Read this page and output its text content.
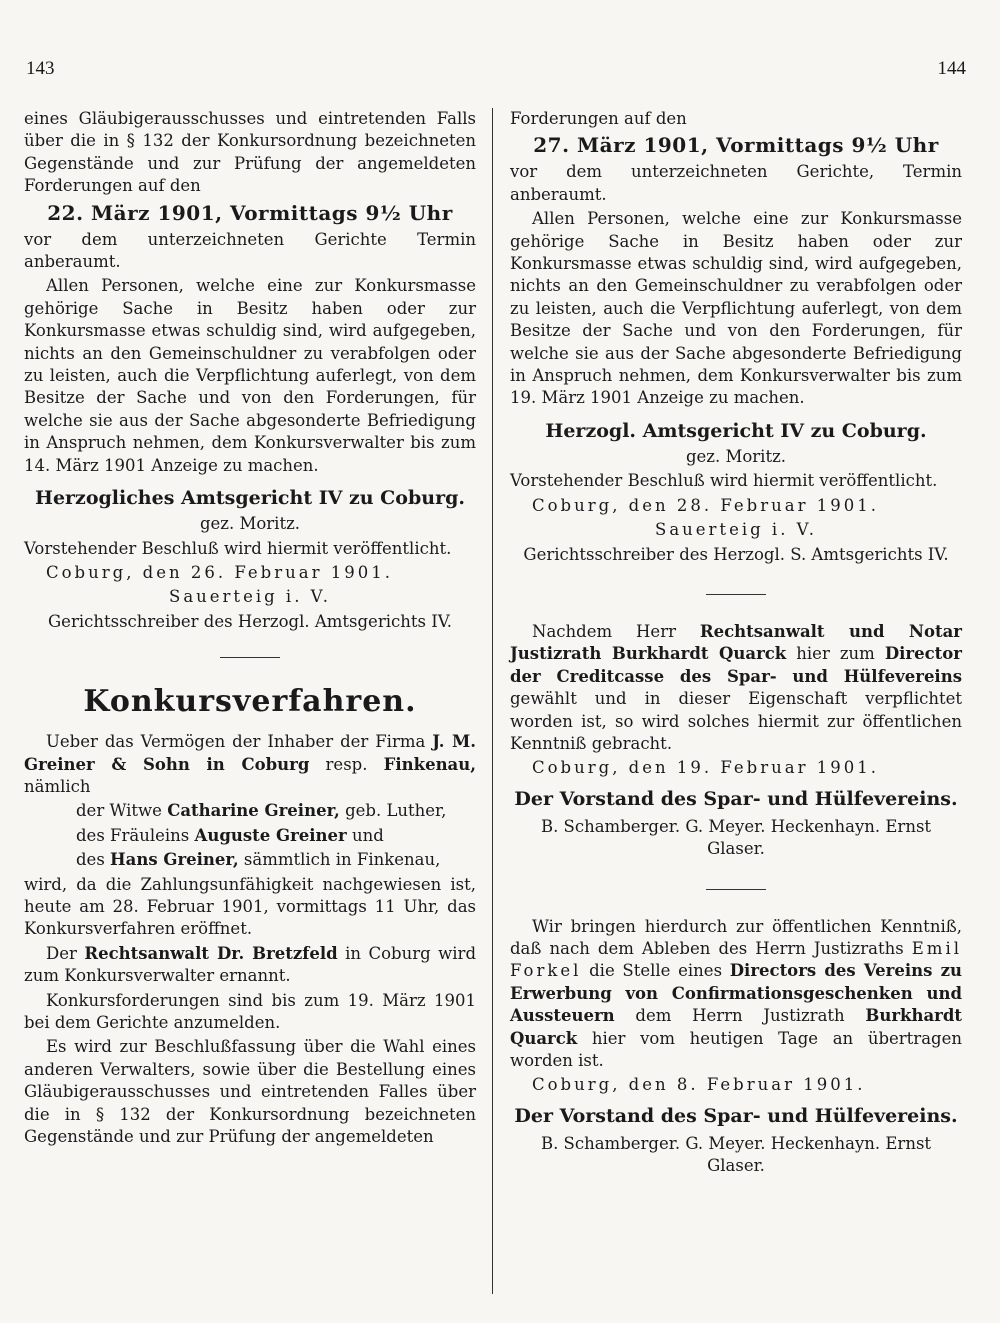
143	144

eines Gläubigerausschusses und eintretenden Falls über die in § 132 der Konkursordnung bezeichneten Gegenstände und zur Prüfung der angemeldeten Forderungen auf den

22. März 1901, Vormittags 9½ Uhr

vor dem unterzeichneten Gerichte Termin anberaumt.

Allen Personen, welche eine zur Konkursmasse gehörige Sache in Besitz haben oder zur Konkursmasse etwas schuldig sind, wird aufgegeben, nichts an den Gemeinschuldner zu verabfolgen oder zu leisten, auch die Verpflichtung auferlegt, von dem Besitze der Sache und von den Forderungen, für welche sie aus der Sache abgesonderte Befriedigung in Anspruch nehmen, dem Konkursverwalter bis zum 14. März 1901 Anzeige zu machen.

Herzogliches Amtsgericht IV zu Coburg.

gez. Moritz.

Vorstehender Beschluß wird hiermit veröffentlicht.

Coburg, den 26. Februar 1901.

Sauerteig i. V.

Gerichtsschreiber des Herzogl. Amtsgerichts IV.

Konkursverfahren.

Ueber das Vermögen der Inhaber der Firma J. M. Greiner & Sohn in Coburg resp. Finkenau, nämlich

der Witwe Catharine Greiner, geb. Luther,

des Fräuleins Auguste Greiner und

des Hans Greiner, sämmtlich in Finkenau,

wird, da die Zahlungsunfähigkeit nachgewiesen ist, heute am 28. Februar 1901, vormittags 11 Uhr, das Konkursverfahren eröffnet.

Der Rechtsanwalt Dr. Bretzfeld in Coburg wird zum Konkursverwalter ernannt.

Konkursforderungen sind bis zum 19. März 1901 bei dem Gerichte anzumelden.

Es wird zur Beschlußfassung über die Wahl eines anderen Verwalters, sowie über die Bestellung eines Gläubigerausschusses und eintretenden Falles über die in § 132 der Konkursordnung bezeichneten Gegenstände und zur Prüfung der angemeldeten

Forderungen auf den

27. März 1901, Vormittags 9½ Uhr

vor dem unterzeichneten Gerichte, Termin anberaumt.

Allen Personen, welche eine zur Konkursmasse gehörige Sache in Besitz haben oder zur Konkursmasse etwas schuldig sind, wird aufgegeben, nichts an den Gemeinschuldner zu verabfolgen oder zu leisten, auch die Verpflichtung auferlegt, von dem Besitze der Sache und von den Forderungen, für welche sie aus der Sache abgesonderte Befriedigung in Anspruch nehmen, dem Konkursverwalter bis zum 19. März 1901 Anzeige zu machen.

Herzogl. Amtsgericht IV zu Coburg.

gez. Moritz.

Vorstehender Beschluß wird hiermit veröffentlicht.

Coburg, den 28. Februar 1901.

Sauerteig i. V.

Gerichtsschreiber des Herzogl. S. Amtsgerichts IV.

Nachdem Herr Rechtsanwalt und Notar Justizrath Burkhardt Quarck hier zum Director der Creditcasse des Spar- und Hülfevereins gewählt und in dieser Eigenschaft verpflichtet worden ist, so wird solches hiermit zur öffentlichen Kenntniß gebracht.

Coburg, den 19. Februar 1901.

Der Vorstand des Spar- und Hülfevereins.

B. Schamberger. G. Meyer. Heckenhayn. Ernst Glaser.

Wir bringen hierdurch zur öffentlichen Kenntniß, daß nach dem Ableben des Herrn Justizraths Emil Forkel die Stelle eines Directors des Vereins zu Erwerbung von Confirmationsgeschenken und Aussteuern dem Herrn Justizrath Burkhardt Quarck hier vom heutigen Tage an übertragen worden ist.

Coburg, den 8. Februar 1901.

Der Vorstand des Spar- und Hülfevereins.

B. Schamberger. G. Meyer. Heckenhayn. Ernst Glaser.
